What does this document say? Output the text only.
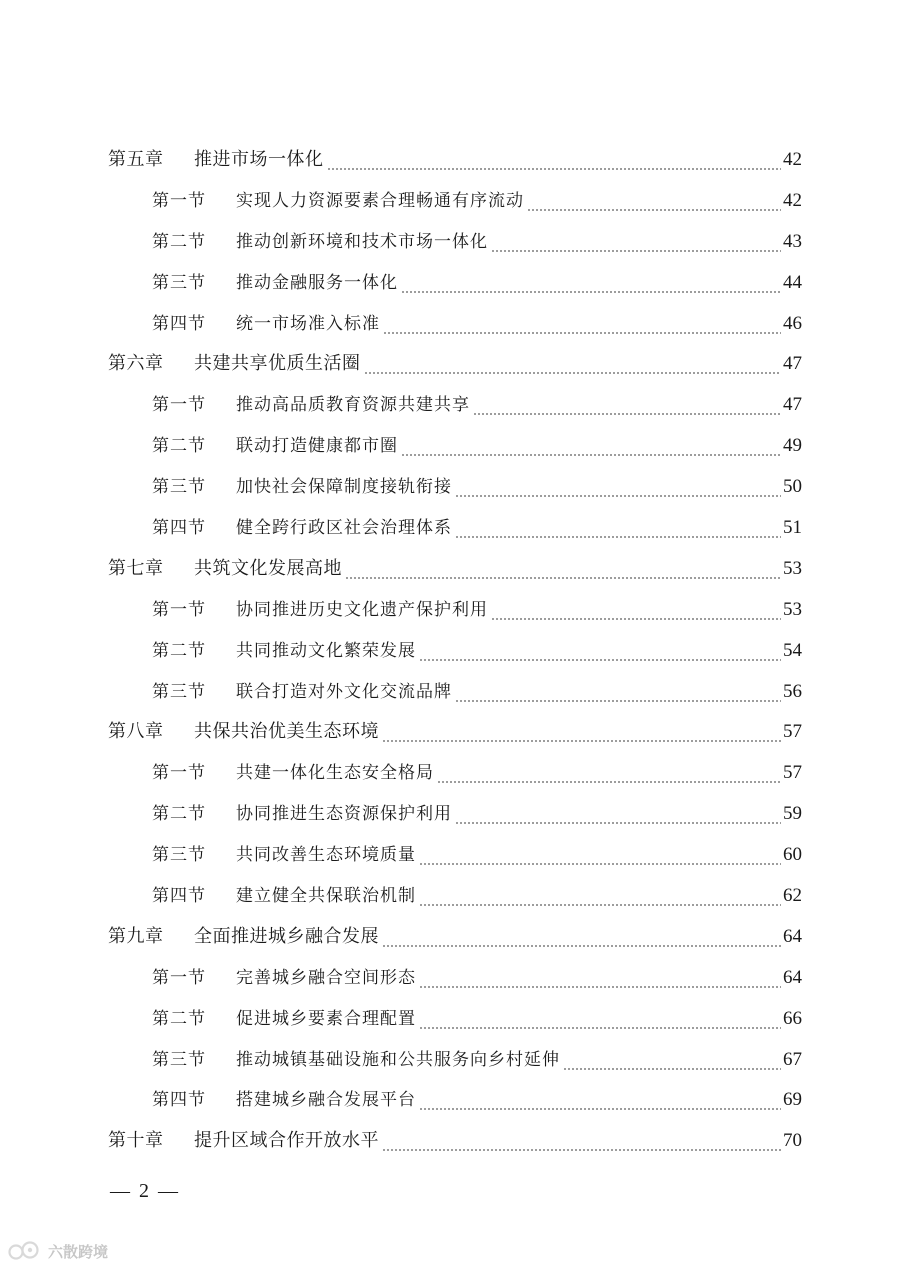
第五章	推进市场一体化	42
第一节	实现人力资源要素合理畅通有序流动	42
第二节	推动创新环境和技术市场一体化	43
第三节	推动金融服务一体化	44
第四节	统一市场准入标准	46
第六章	共建共享优质生活圈	47
第一节	推动高品质教育资源共建共享	47
第二节	联动打造健康都市圈	49
第三节	加快社会保障制度接轨衔接	50
第四节	健全跨行政区社会治理体系	51
第七章	共筑文化发展高地	53
第一节	协同推进历史文化遗产保护利用	53
第二节	共同推动文化繁荣发展	54
第三节	联合打造对外文化交流品牌	56
第八章	共保共治优美生态环境	57
第一节	共建一体化生态安全格局	57
第二节	协同推进生态资源保护利用	59
第三节	共同改善生态环境质量	60
第四节	建立健全共保联治机制	62
第九章	全面推进城乡融合发展	64
第一节	完善城乡融合空间形态	64
第二节	促进城乡要素合理配置	66
第三节	推动城镇基础设施和公共服务向乡村延伸	67
第四节	搭建城乡融合发展平台	69
第十章	提升区域合作开放水平	70
— 2 —
六散跨境
